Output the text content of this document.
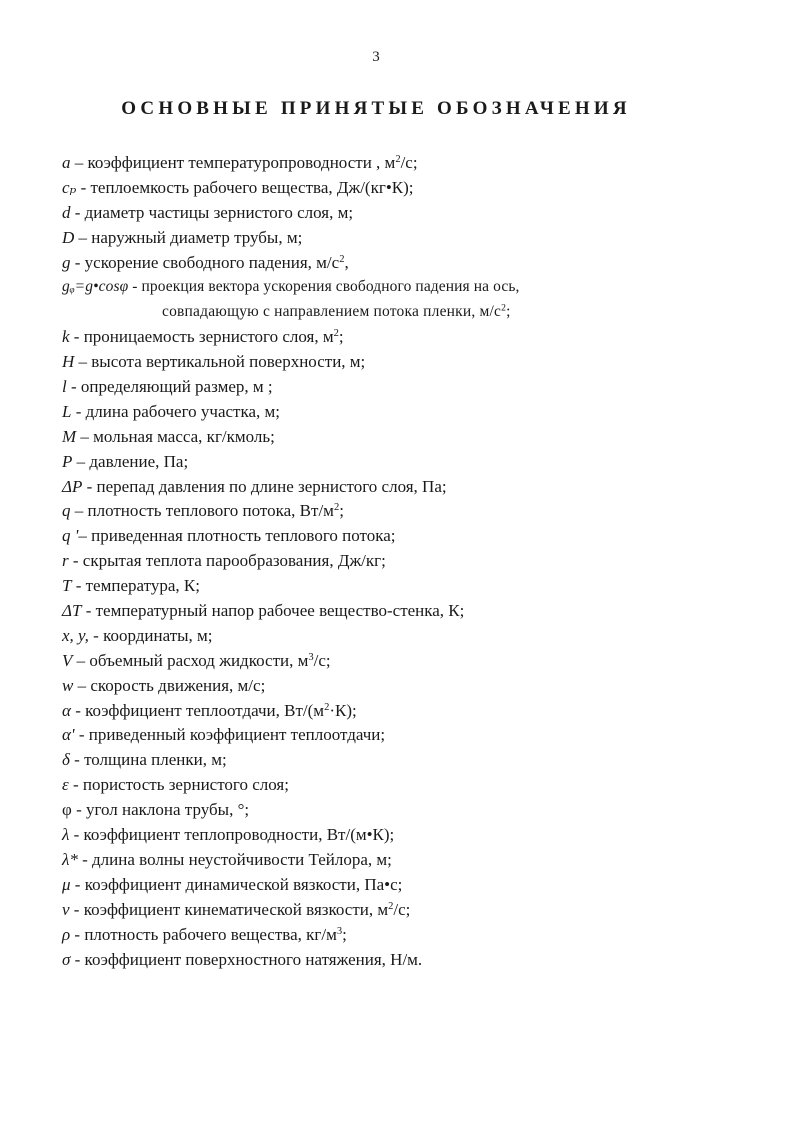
3
ОСНОВНЫЕ ПРИНЯТЫЕ ОБОЗНАЧЕНИЯ
a – коэффициент температуропроводности , $м^2/с$;
cₚ - теплоемкость рабочего вещества, Дж/(кг•К);
d - диаметр частицы зернистого слоя, м;
D – наружный диаметр трубы, м;
g - ускорение свободного падения, $м/с^2$,
gᵩ=g•cosφ - проекция вектора ускорения свободного падения на ось,
совпадающую с направлением потока пленки, $м/с^2$;
k - проницаемость зернистого слоя, $м^2$;
H – высота вертикальной поверхности, м;
l - определяющий размер, м ;
L - длина рабочего участка, м;
M – мольная масса, кг/кмоль;
P – давление, Па;
ΔP - перепад давления по длине зернистого слоя, Па;
q – плотность теплового потока, $Вт/м^2$;
q '– приведенная плотность теплового потока;
r - скрытая теплота парообразования, Дж/кг;
T - температура, К;
ΔT - температурный напор рабочее вещество-стенка, К;
x, y, - координаты, м;
V – объемный расход жидкости, $м^3/с$;
w – скорость движения, м/с;
α - коэффициент теплоотдачи, $Вт/(м^2\cdot К)$;
α' - приведенный коэффициент теплоотдачи;
δ - толщина пленки, м;
ε - пористость зернистого слоя;
φ - угол наклона трубы, °;
λ - коэффициент теплопроводности, Вт/(м•К);
λ* - длина волны неустойчивости Тейлора, м;
μ - коэффициент динамической вязкости, Па•с;
ν - коэффициент кинематической вязкости, $м^2/с$;
ρ - плотность рабочего вещества, $кг/м^3$;
σ - коэффициент поверхностного натяжения, Н/м.
